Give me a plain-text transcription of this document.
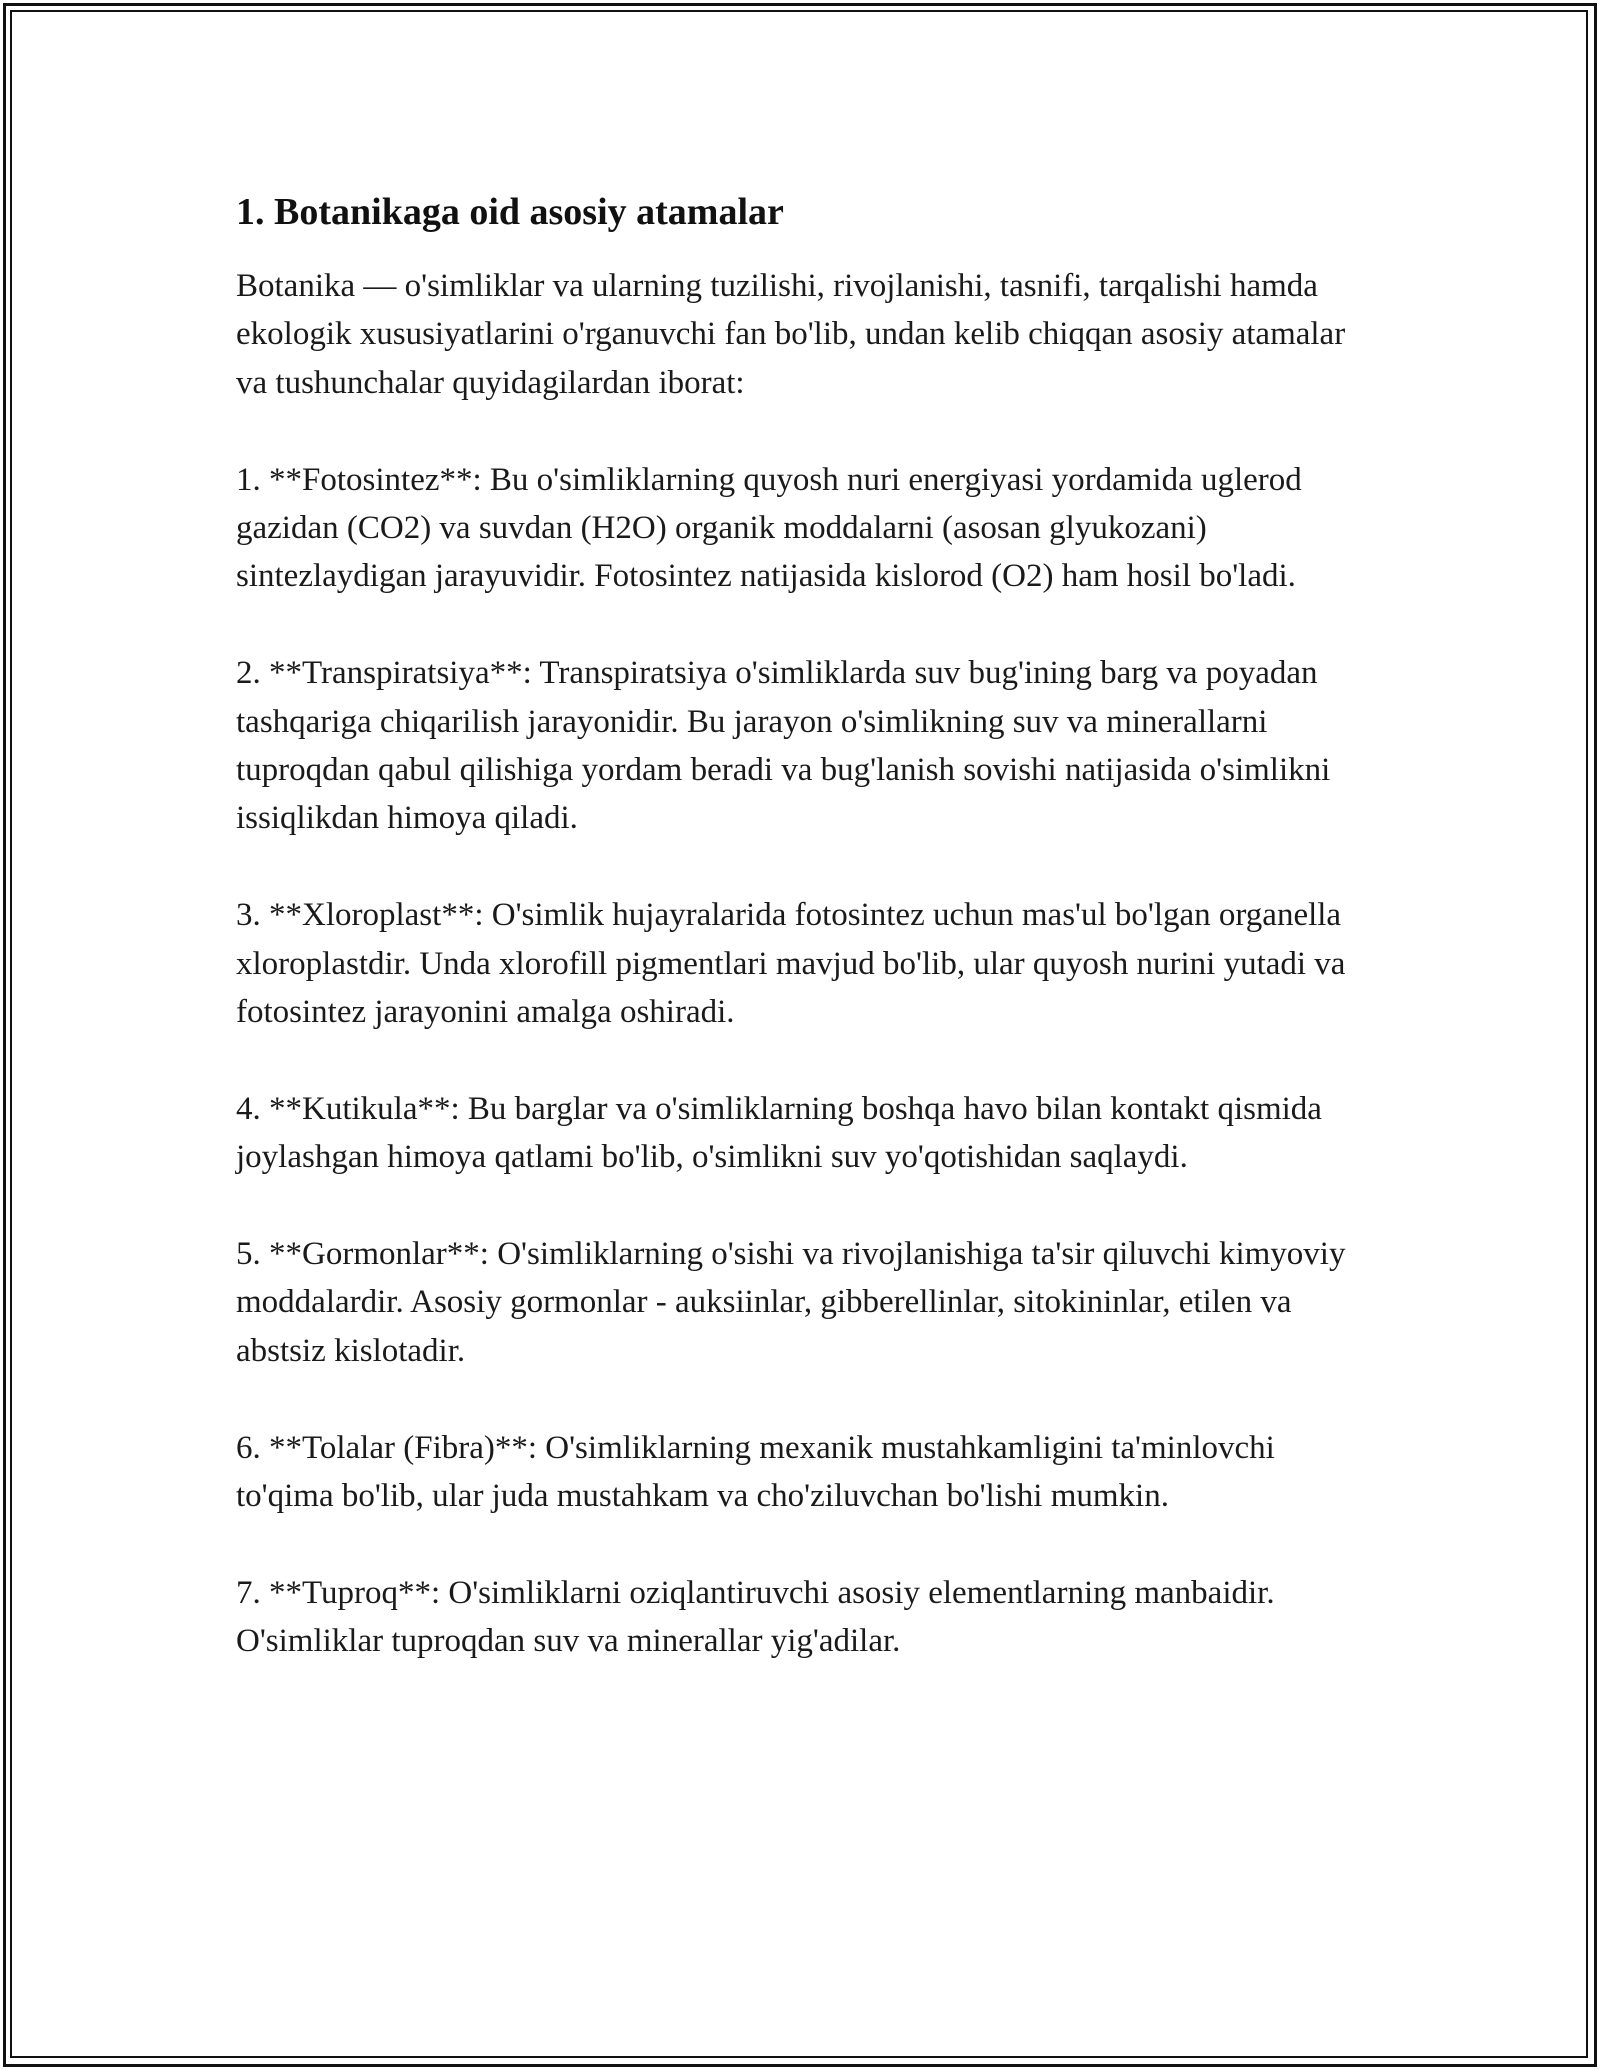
1. Botanikaga oid asosiy atamalar

Botanika — o'simliklar va ularning tuzilishi, rivojlanishi, tasnifi, tarqalishi hamda ekologik xususiyatlarini o'rganuvchi fan bo'lib, undan kelib chiqqan asosiy atamalar va tushunchalar quyidagilardan iborat:

1. **Fotosintez**: Bu o'simliklarning quyosh nuri energiyasi yordamida uglerod gazidan (CO2) va suvdan (H2O) organik moddalarni (asosan glyukozani) sintezlaydigan jarayuvidir. Fotosintez natijasida kislorod (O2) ham hosil bo'ladi.

2. **Transpiratsiya**: Transpiratsiya o'simliklarda suv bug'ining barg va poyadan tashqariga chiqarilish jarayonidir. Bu jarayon o'simlikning suv va minerallarni tuproqdan qabul qilishiga yordam beradi va bug'lanish sovishi natijasida o'simlikni issiqlikdan himoya qiladi.

3. **Xloroplast**: O'simlik hujayralarida fotosintez uchun mas'ul bo'lgan organella xloroplastdir. Unda xlorofill pigmentlari mavjud bo'lib, ular quyosh nurini yutadi va fotosintez jarayonini amalga oshiradi.

4. **Kutikula**: Bu barglar va o'simliklarning boshqa havo bilan kontakt qismida joylashgan himoya qatlami bo'lib, o'simlikni suv yo'qotishidan saqlaydi.

5. **Gormonlar**: O'simliklarning o'sishi va rivojlanishiga ta'sir qiluvchi kimyoviy moddalardir. Asosiy gormonlar - auksiinlar, gibberellinlar, sitokininlar, etilen va abstsiz kislotadir.

6. **Tolalar (Fibra)**: O'simliklarning mexanik mustahkamligini ta'minlovchi to'qima bo'lib, ular juda mustahkam va cho'ziluvchan bo'lishi mumkin.

7. **Tuproq**: O'simliklarni oziqlantiruvchi asosiy elementlarning manbaidir. O'simliklar tuproqdan suv va minerallar yig'adilar.
